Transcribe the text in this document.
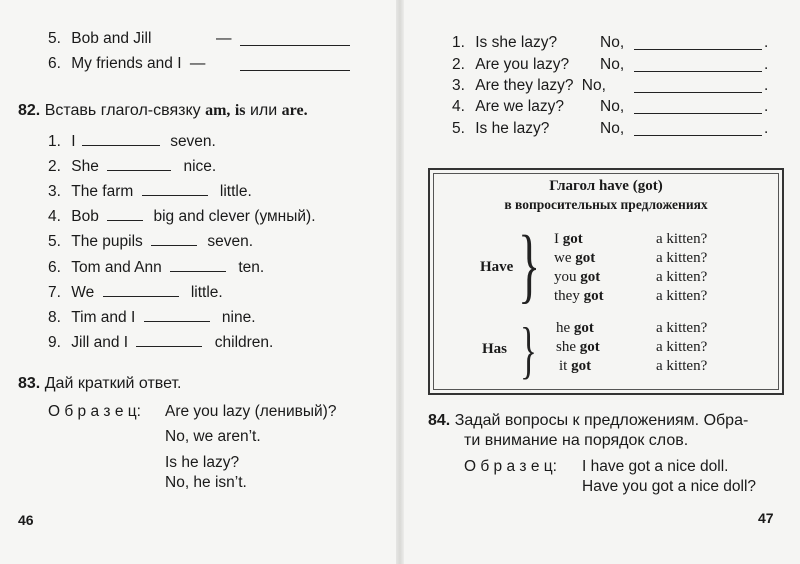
5. Bob and Jill	—
6. My friends and I —
82. Вставь глагол-связку am, is или are.
1. I	seven.
2. She	nice.
3. The farm	little.
4. Bob	big and clever (умный).
5. The pupils	seven.
6. Tom and Ann	ten.
7. We	little.
8. Tim and I	nine.
9. Jill and I	children.
83. Дай краткий ответ.
О б р а з е ц: Are you lazy (ленивый)?
No, we aren’t.
Is he lazy?
No, he isn’t.
46
1. Is she lazy?	No,	.
2. Are you lazy? No,	.
3. Are they lazy? No,	.
4. Are we lazy? No,	.
5. Is he lazy?	No,	.
Глагол have (got)
в вопросительных предложениях
Have } I got	a kitten?
we got	a kitten?
you got	a kitten?
they got	a kitten?
Has } he got	a kitten?
she got	a kitten?
it got	a kitten?
84. Задай вопросы к предложениям. Обра-
ти внимание на порядок слов.
О б р а з е ц: I have got a nice doll.
Have you got a nice doll?
47
